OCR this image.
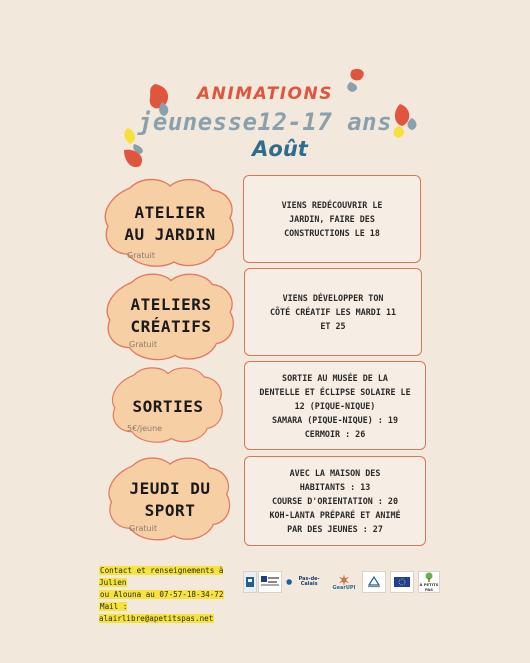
ANIMATIONS
jeunesse12-17 ans
Août
ATELIER
AU JARDIN
Gratuit
VIENS REDÉCOUVRIR LE
JARDIN, FAIRE DES
CONSTRUCTIONS LE 18
ATELIERS
CRÉATIFS
Gratuit
VIENS DÉVELOPPER TON
CÔTÉ CRÉATIF LES MARDI 11
ET 25
SORTIES
5€/jeune
SORTIE AU MUSÉE DE LA
DENTELLE ET ÉCLIPSE SOLAIRE LE
12 (PIQUE-NIQUE)
SAMARA (PIQUE-NIQUE) : 19
CERMOIR : 26
JEUDI DU
SPORT
Gratuit
AVEC LA MAISON DES
HABITANTS : 13
COURSE D'ORIENTATION : 20
KOH-LANTA PRÉPARÉ ET ANIMÉ
PAR DES JEUNES : 27
Contact et renseignements à Julien
ou Alouna au 07-57-18-34-72
Mail : alairlibre@apetitspas.net
Pas-de-Calais
GearUPI	À PETITS PAS
